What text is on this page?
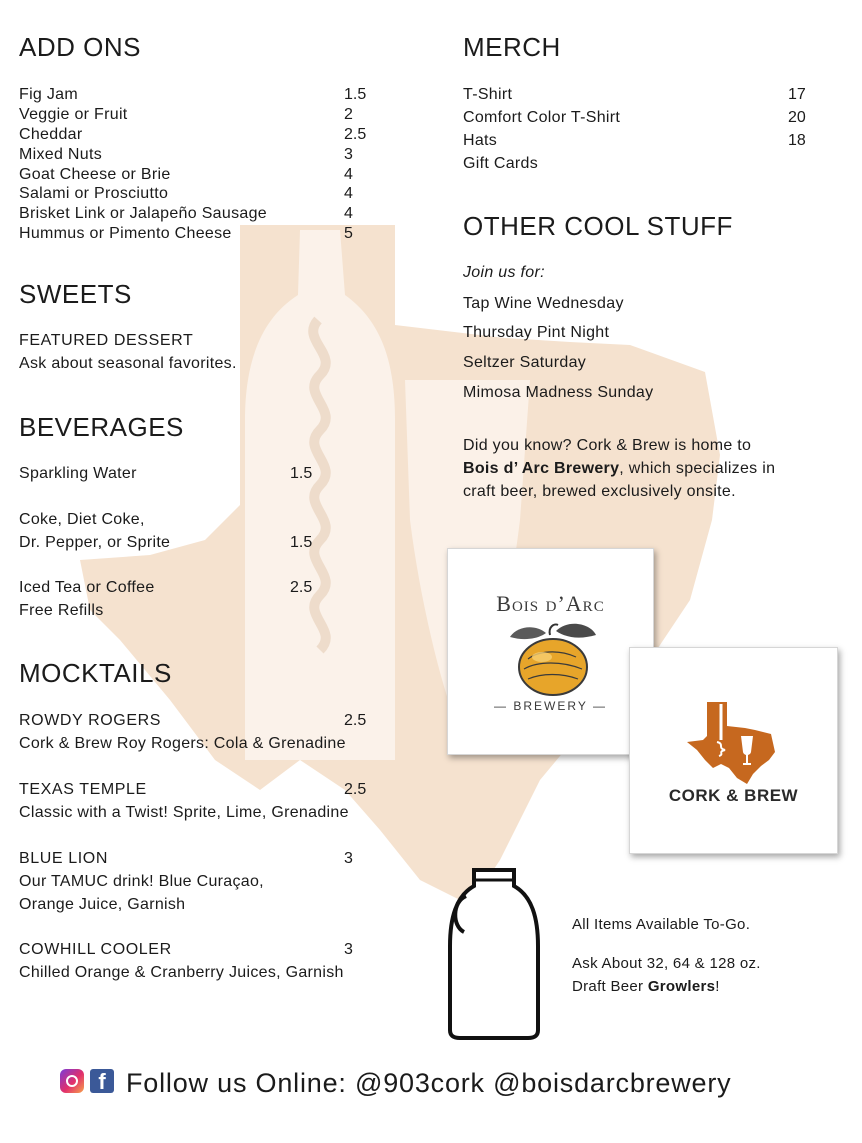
ADD ONS
Fig Jam	1.5
Veggie or Fruit	2
Cheddar	2.5
Mixed Nuts	3
Goat Cheese or Brie	4
Salami or Prosciutto	4
Brisket Link or Jalapeño Sausage	4
Hummus or Pimento Cheese	5
SWEETS
FEATURED DESSERT
Ask about seasonal favorites.
BEVERAGES
Sparkling Water	1.5
Coke, Diet Coke,
Dr. Pepper, or Sprite	1.5
Iced Tea or Coffee	2.5
Free Refills
MOCKTAILS
ROWDY ROGERS	2.5
Cork & Brew Roy Rogers: Cola & Grenadine
TEXAS TEMPLE	2.5
Classic with a Twist! Sprite, Lime, Grenadine
BLUE LION	3
Our TAMUC drink! Blue Curaçao,
Orange Juice, Garnish
COWHILL COOLER	3
Chilled Orange & Cranberry Juices, Garnish
MERCH
T-Shirt	17
Comfort Color T-Shirt	20
Hats	18
Gift Cards
OTHER COOL STUFF
Join us for:
Tap Wine Wednesday
Thursday Pint Night
Seltzer Saturday
Mimosa Madness Sunday
Did you know? Cork & Brew is home to
Bois d’ Arc Brewery, which specializes in
craft beer, brewed exclusively onsite.
Bois d’Arc
— BREWERY —
CORK & BREW
All Items Available To-Go.
Ask About 32, 64 & 128 oz.
Draft Beer Growlers!
f Follow us Online: @903cork @boisdarcbrewery
